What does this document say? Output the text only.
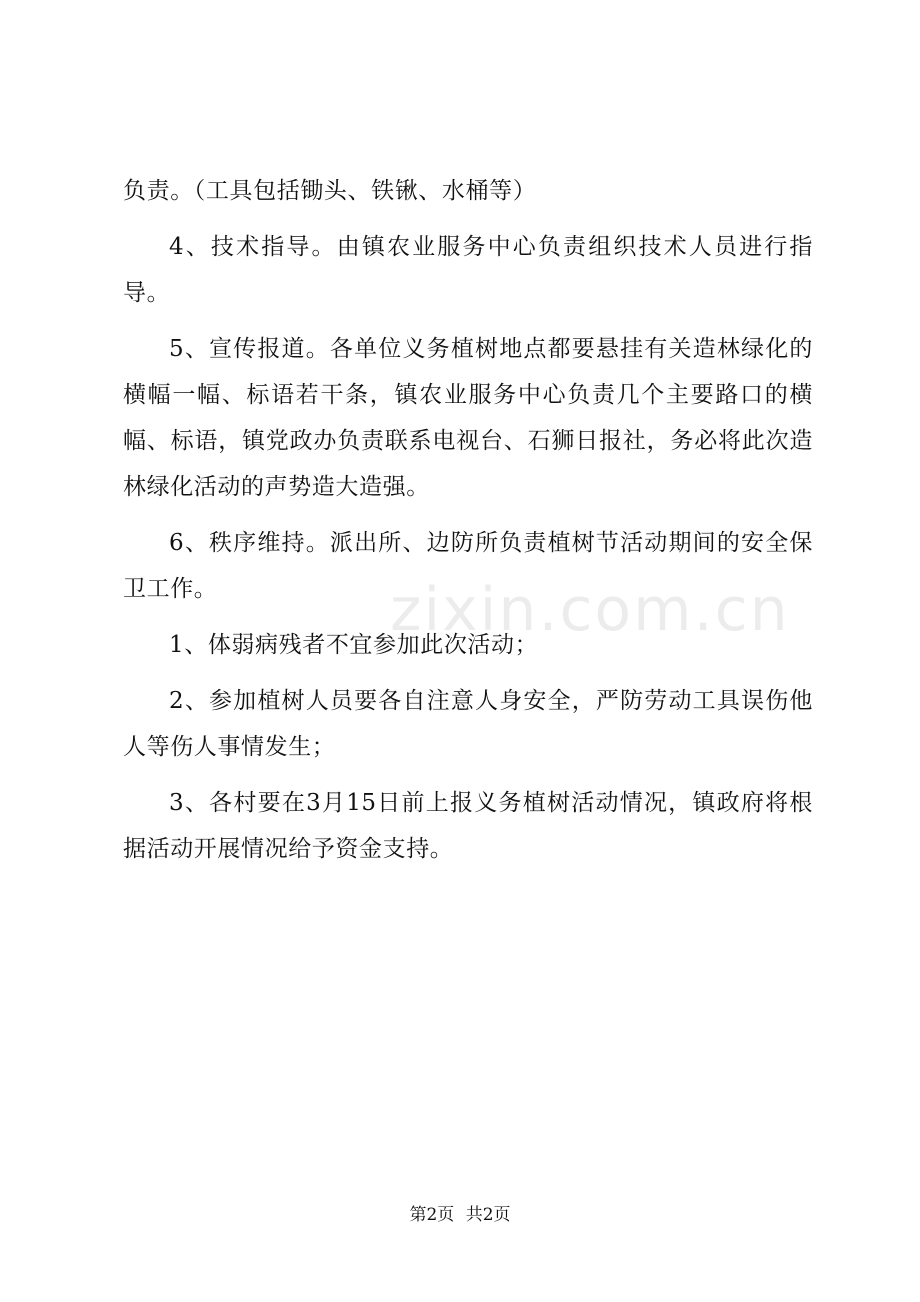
负责。（工具包括锄头、铁锹、水桶等）

4、技术指导。由镇农业服务中心负责组织技术人员进行指导。

5、宣传报道。各单位义务植树地点都要悬挂有关造林绿化的横幅一幅、标语若干条，镇农业服务中心负责几个主要路口的横幅、标语，镇党政办负责联系电视台、石狮日报社，务必将此次造林绿化活动的声势造大造强。

6、秩序维持。派出所、边防所负责植树节活动期间的安全保卫工作。

1、体弱病残者不宜参加此次活动；

2、参加植树人员要各自注意人身安全，严防劳动工具误伤他人等伤人事情发生；

3、各村要在3月15日前上报义务植树活动情况，镇政府将根据活动开展情况给予资金支持。

zixin.com.cn
第2页 共2页
